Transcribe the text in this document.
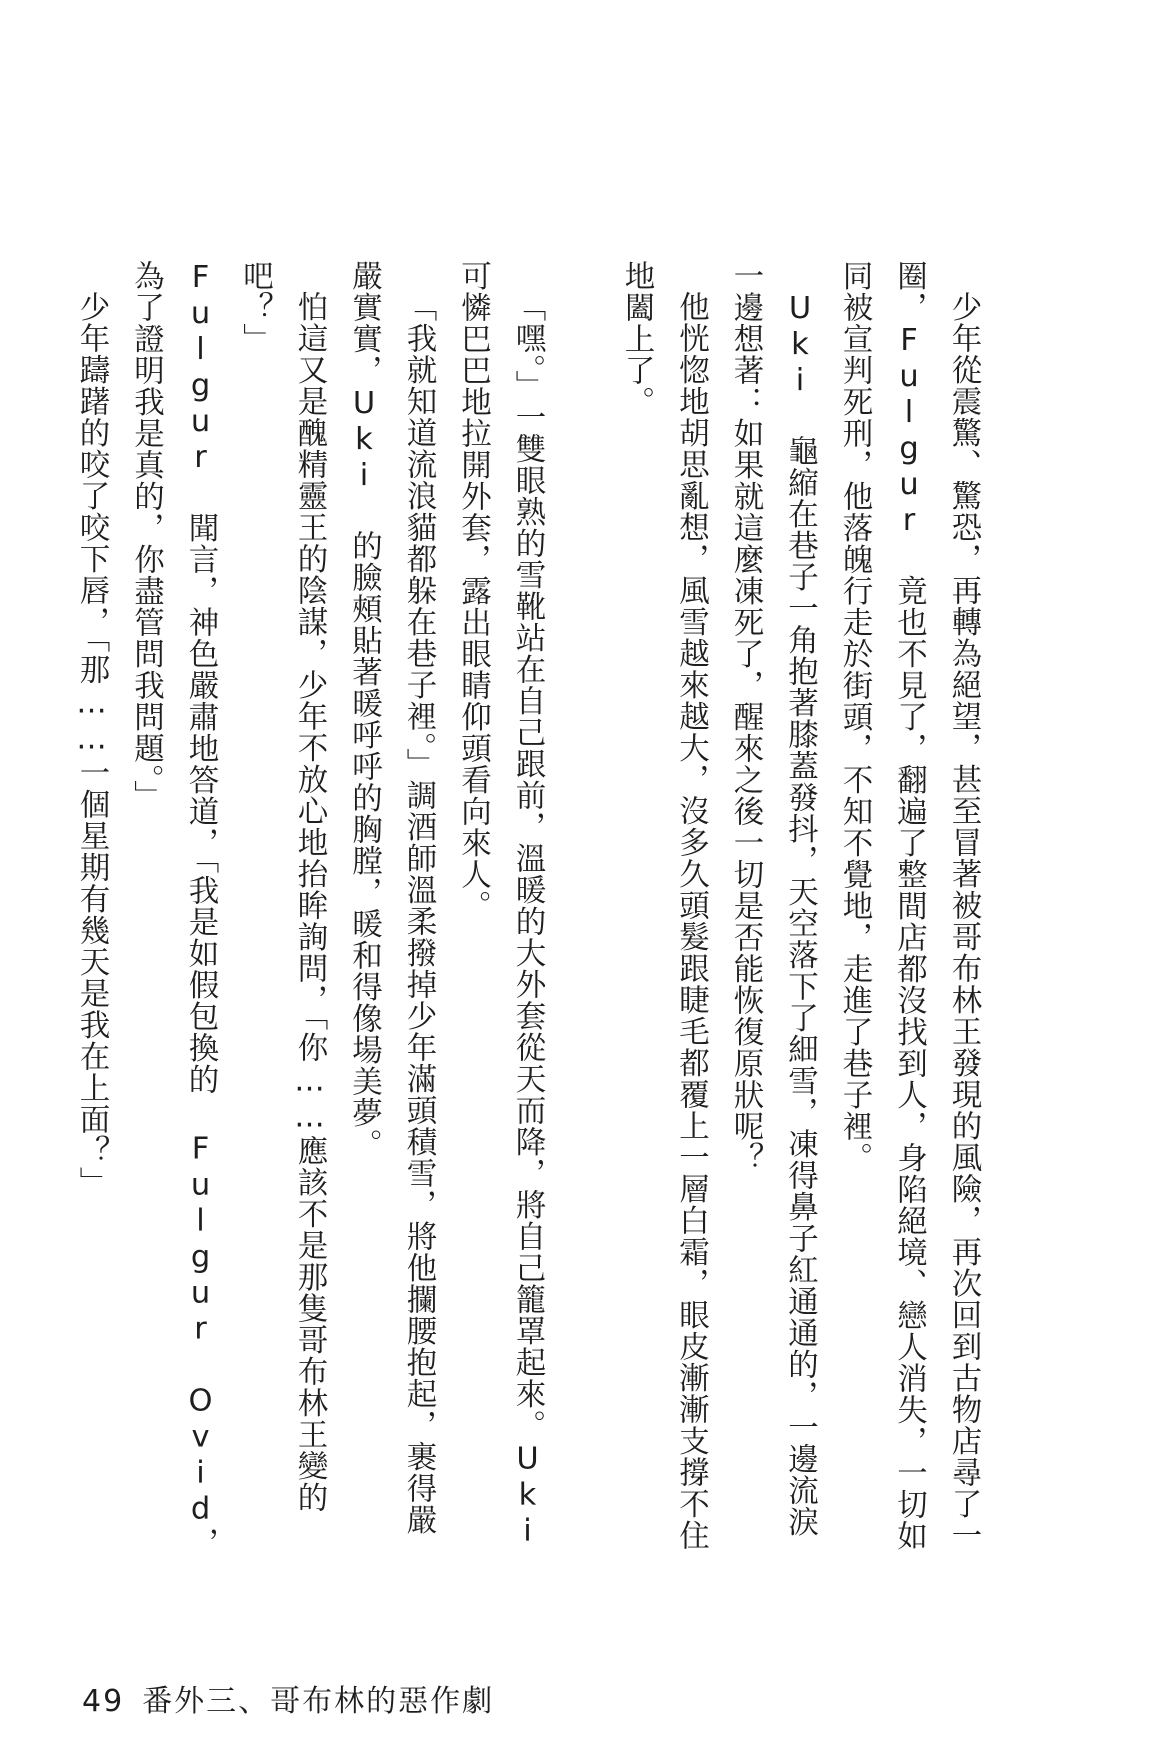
少年從震驚、驚恐，再轉為絕望，甚至冒著被哥布林王發現的風險，再次回到古物店尋了一圈，Fulgur 竟也不見了，翻遍了整間店都沒找到人，身陷絕境、戀人消失，一切如同被宣判死刑，他落魄行走於街頭，不知不覺地，走進了巷子裡。

Uki 龜縮在巷子一角抱著膝蓋發抖，天空落下了細雪，凍得鼻子紅通通的，一邊流淚一邊想著：如果就這麼凍死了，醒來之後一切是否能恢復原狀呢？

他恍惚地胡思亂想，風雪越來越大，沒多久頭髮跟睫毛都覆上一層白霜，眼皮漸漸支撐不住地闔上了。

「嘿。」一雙眼熟的雪靴站在自己跟前，溫暖的大外套從天而降，將自己籠罩起來。Uki 可憐巴巴地拉開外套，露出眼睛仰頭看向來人。

「我就知道流浪貓都躲在巷子裡。」調酒師溫柔撥掉少年滿頭積雪，將他攔腰抱起，裹得嚴嚴實實，Uki 的臉頰貼著暖呼呼的胸膛，暖和得像場美夢。

怕這又是醜精靈王的陰謀，少年不放心地抬眸詢問，「你……應該不是那隻哥布林王變的吧？」

Fulgur 聞言，神色嚴肅地答道，「我是如假包換的 Fulgur Ovid，為了證明我是真的，你盡管問我問題。」

少年躊躇的咬了咬下唇，「那……一個星期有幾天是我在上面？」

49 番外三、哥布林的惡作劇
